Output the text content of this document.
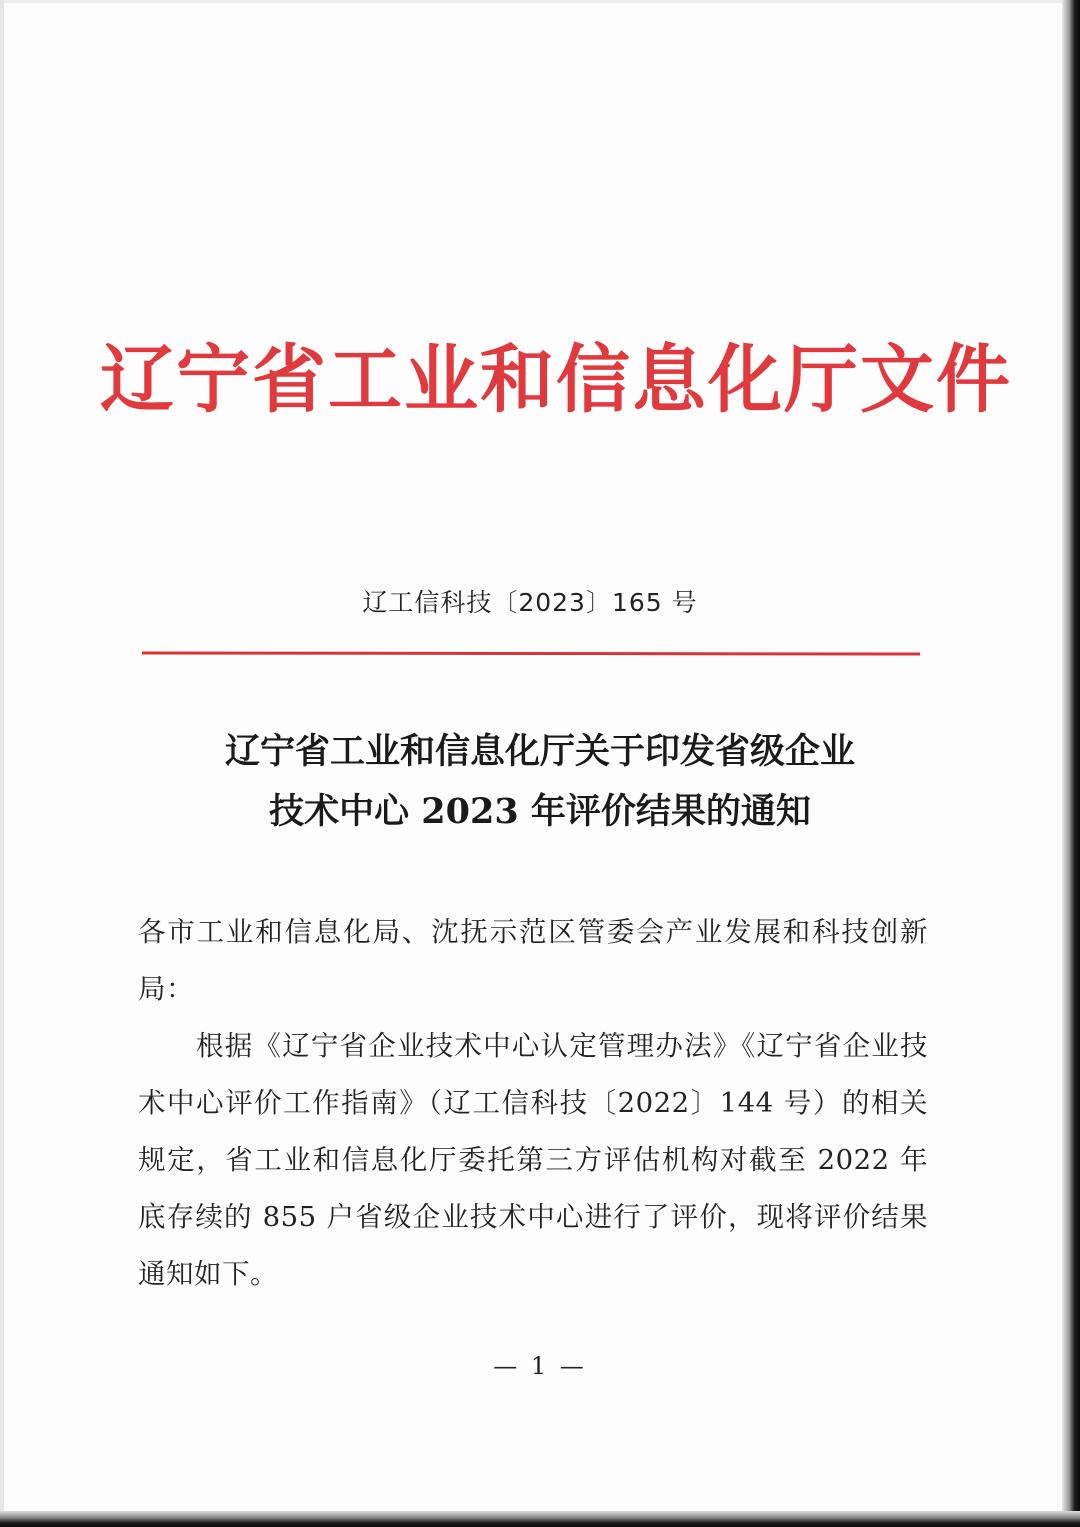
辽宁省工业和信息化厅文件
辽工信科技〔2023〕165 号
辽宁省工业和信息化厅关于印发省级企业
技术中心 2023 年评价结果的通知

各市工业和信息化局、沈抚示范区管委会产业发展和科技创新局：

根据《辽宁省企业技术中心认定管理办法》《辽宁省企业技术中心评价工作指南》（辽工信科技〔2022〕144 号）的相关规定，省工业和信息化厅委托第三方评估机构对截至 2022 年底存续的 855 户省级企业技术中心进行了评价，现将评价结果通知如下。

— 1 —
